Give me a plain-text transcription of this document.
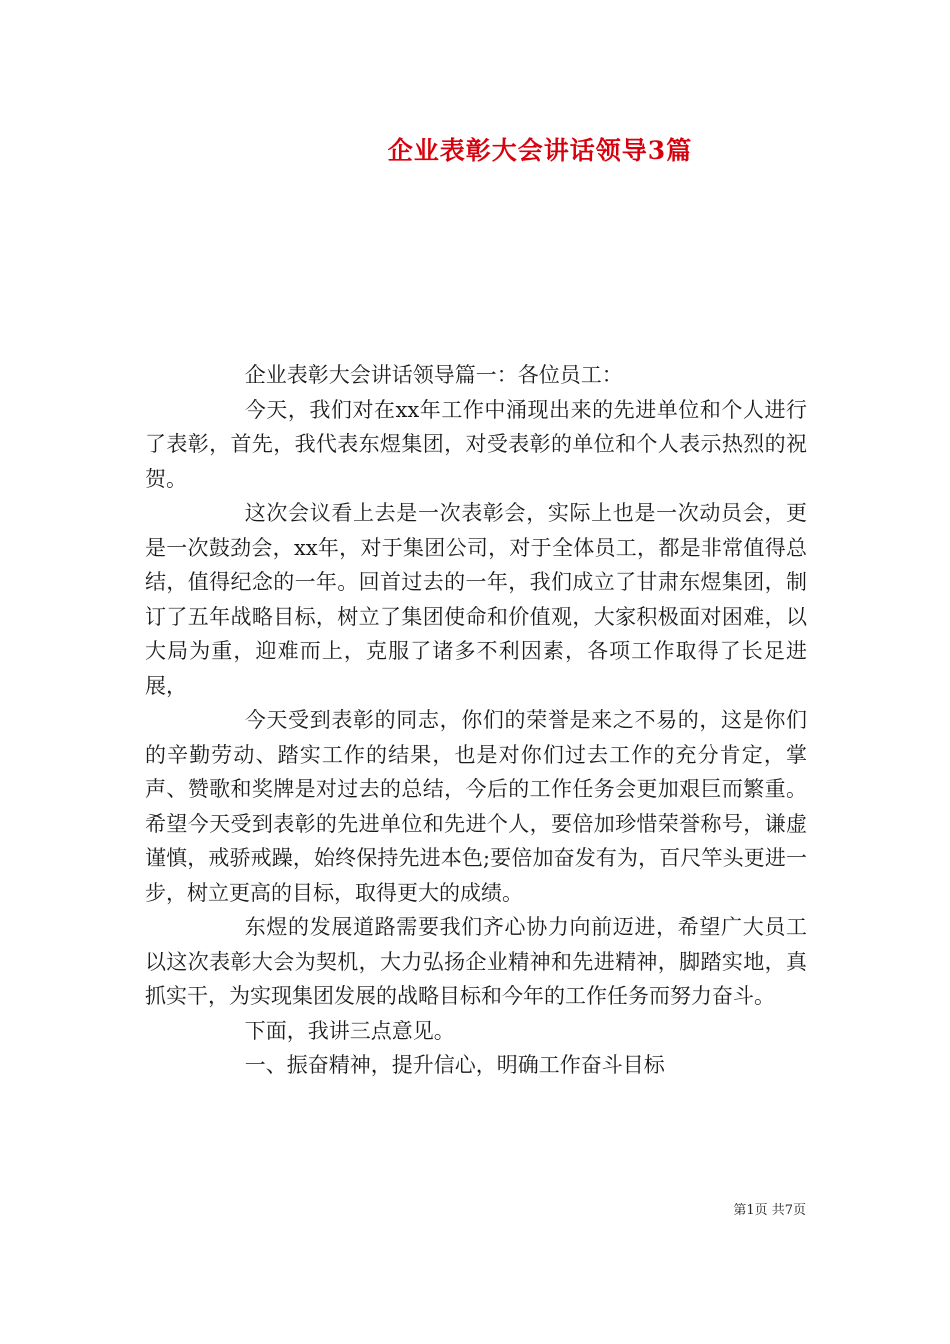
企业表彰大会讲话领导3篇

企业表彰大会讲话领导篇一：各位员工：

今天，我们对在xx年工作中涌现出来的先进单位和个人进行了表彰，首先，我代表东煜集团，对受表彰的单位和个人表示热烈的祝贺。

这次会议看上去是一次表彰会，实际上也是一次动员会，更是一次鼓劲会，xx年，对于集团公司，对于全体员工，都是非常值得总结，值得纪念的一年。回首过去的一年，我们成立了甘肃东煜集团，制订了五年战略目标，树立了集团使命和价值观，大家积极面对困难，以大局为重，迎难而上，克服了诸多不利因素，各项工作取得了长足进展，

今天受到表彰的同志，你们的荣誉是来之不易的，这是你们的辛勤劳动、踏实工作的结果，也是对你们过去工作的充分肯定，掌声、赞歌和奖牌是对过去的总结，今后的工作任务会更加艰巨而繁重。希望今天受到表彰的先进单位和先进个人，要倍加珍惜荣誉称号，谦虚谨慎，戒骄戒躁，始终保持先进本色;要倍加奋发有为，百尺竿头更进一步，树立更高的目标，取得更大的成绩。

东煜的发展道路需要我们齐心协力向前迈进，希望广大员工以这次表彰大会为契机，大力弘扬企业精神和先进精神，脚踏实地，真抓实干，为实现集团发展的战略目标和今年的工作任务而努力奋斗。

下面，我讲三点意见。

一、振奋精神，提升信心，明确工作奋斗目标

第1页 共7页
